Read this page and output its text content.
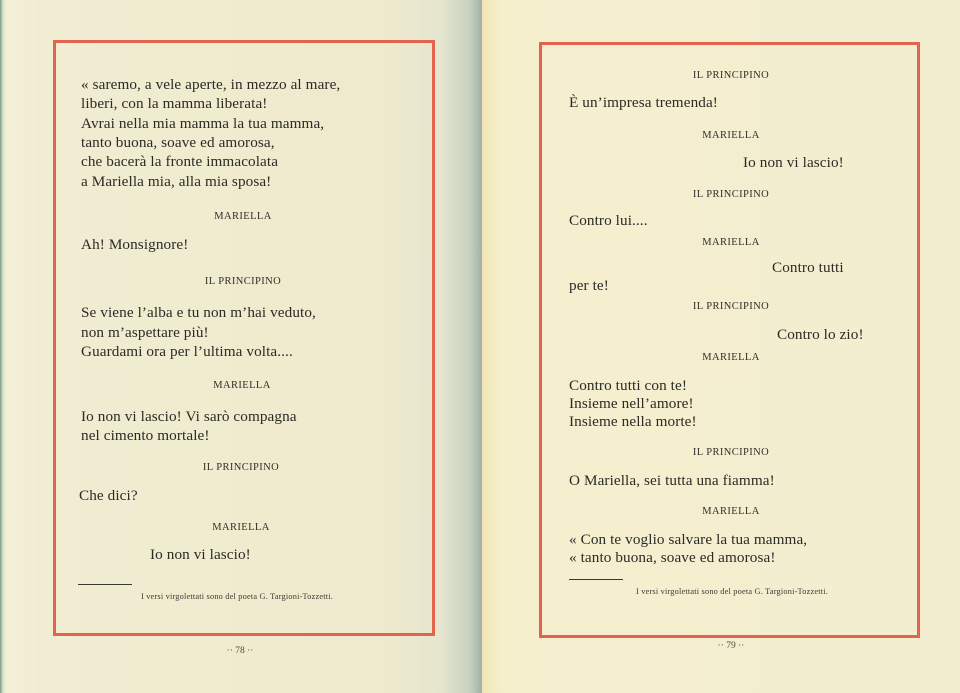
« saremo, a vele aperte, in mezzo al mare,
liberi, con la mamma liberata!
Avrai nella mia mamma la tua mamma,
tanto buona, soave ed amorosa,
che bacerà la fronte immacolata
a Mariella mia, alla mia sposa!
MARIELLA
Ah! Monsignore!
IL PRINCIPINO
Se viene l’alba e tu non m’hai veduto,
non m’aspettare più!
Guardami ora per l’ultima volta....
MARIELLA
Io non vi lascio! Vi sarò compagna
nel cimento mortale!
IL PRINCIPINO
Che dici?
MARIELLA
Io non vi lascio!
I versi virgolettati sono del poeta G. Targioni-Tozzetti.
·· 78 ··
IL PRINCIPINO
È un’impresa tremenda!
MARIELLA
Io non vi lascio!
IL PRINCIPINO
Contro lui....
MARIELLA
Contro tutti
per te!
IL PRINCIPINO
Contro lo zio!
MARIELLA
Contro tutti con te!
Insieme nell’amore!
Insieme nella morte!
IL PRINCIPINO
O Mariella, sei tutta una fiamma!
MARIELLA
« Con te voglio salvare la tua mamma,
« tanto buona, soave ed amorosa!
I versi virgolettati sono del poeta G. Targioni-Tozzetti.
·· 79 ··
